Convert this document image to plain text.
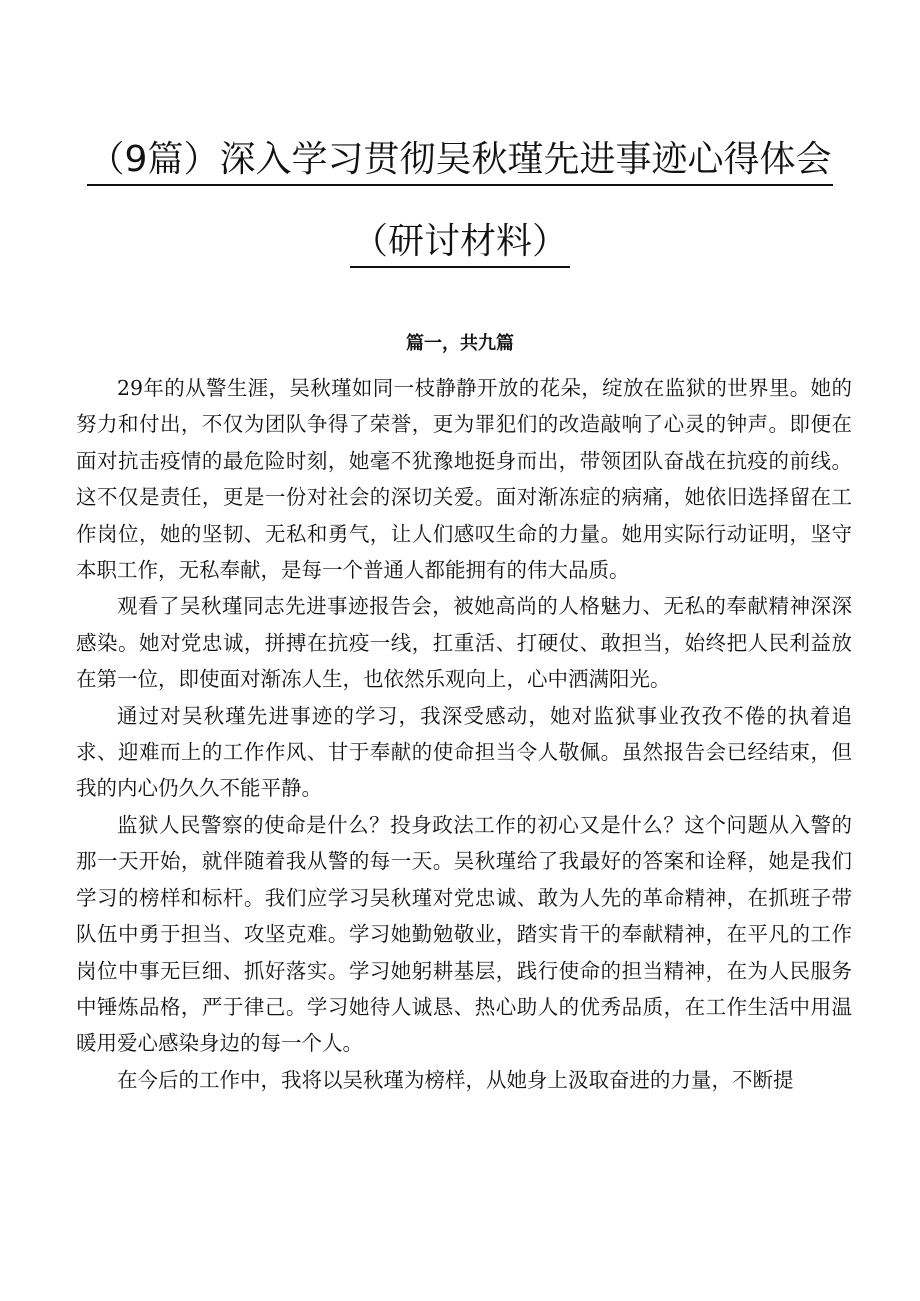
（9篇）深入学习贯彻吴秋瑾先进事迹心得体会
（研讨材料）
篇一，共九篇

29年的从警生涯，吴秋瑾如同一枝静静开放的花朵，绽放在监狱的世界里。她的努力和付出，不仅为团队争得了荣誉，更为罪犯们的改造敲响了心灵的钟声。即便在面对抗击疫情的最危险时刻，她毫不犹豫地挺身而出，带领团队奋战在抗疫的前线。这不仅是责任，更是一份对社会的深切关爱。面对渐冻症的病痛，她依旧选择留在工作岗位，她的坚韧、无私和勇气，让人们感叹生命的力量。她用实际行动证明，坚守本职工作，无私奉献，是每一个普通人都能拥有的伟大品质。

观看了吴秋瑾同志先进事迹报告会，被她高尚的人格魅力、无私的奉献精神深深感染。她对党忠诚，拼搏在抗疫一线，扛重活、打硬仗、敢担当，始终把人民利益放在第一位，即使面对渐冻人生，也依然乐观向上，心中洒满阳光。

通过对吴秋瑾先进事迹的学习，我深受感动，她对监狱事业孜孜不倦的执着追求、迎难而上的工作作风、甘于奉献的使命担当令人敬佩。虽然报告会已经结束，但我的内心仍久久不能平静。

监狱人民警察的使命是什么？投身政法工作的初心又是什么？这个问题从入警的那一天开始，就伴随着我从警的每一天。吴秋瑾给了我最好的答案和诠释，她是我们学习的榜样和标杆。我们应学习吴秋瑾对党忠诚、敢为人先的革命精神，在抓班子带队伍中勇于担当、攻坚克难。学习她勤勉敬业，踏实肯干的奉献精神，在平凡的工作岗位中事无巨细、抓好落实。学习她躬耕基层，践行使命的担当精神，在为人民服务中锤炼品格，严于律己。学习她待人诚恳、热心助人的优秀品质，在工作生活中用温暖用爱心感染身边的每一个人。

在今后的工作中，我将以吴秋瑾为榜样，从她身上汲取奋进的力量，不断提
